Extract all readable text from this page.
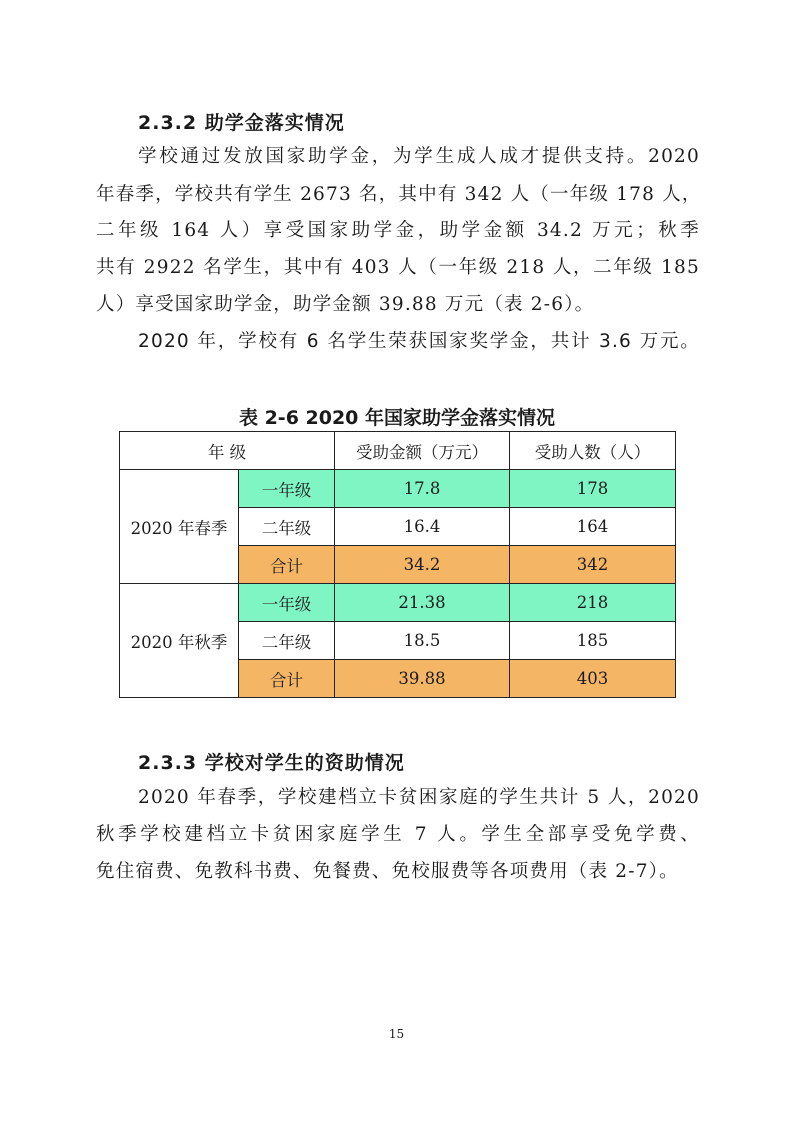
2.3.2 助学金落实情况

学校通过发放国家助学金，为学生成人成才提供支持。2020

年春季，学校共有学生 2673 名，其中有 342 人（一年级 178 人，

二年级 164 人）享受国家助学金，助学金额 34.2 万元；秋季

共有 2922 名学生，其中有 403 人（一年级 218 人，二年级 185

人）享受国家助学金，助学金额 39.88 万元（表 2-6）。

2020 年，学校有 6 名学生荣获国家奖学金，共计 3.6 万元。

表 2-6 2020 年国家助学金落实情况

年 级		受助金额（万元）	受助人数（人）
2020 年春季	一年级	17.8	178
	二年级	16.4	164
	合计	34.2	342
2020 年秋季	一年级	21.38	218
	二年级	18.5	185
	合计	39.88	403
2.3.3 学校对学生的资助情况

2020 年春季，学校建档立卡贫困家庭的学生共计 5 人，2020

秋季学校建档立卡贫困家庭学生 7 人。学生全部享受免学费、

免住宿费、免教科书费、免餐费、免校服费等各项费用（表 2-7）。

15
